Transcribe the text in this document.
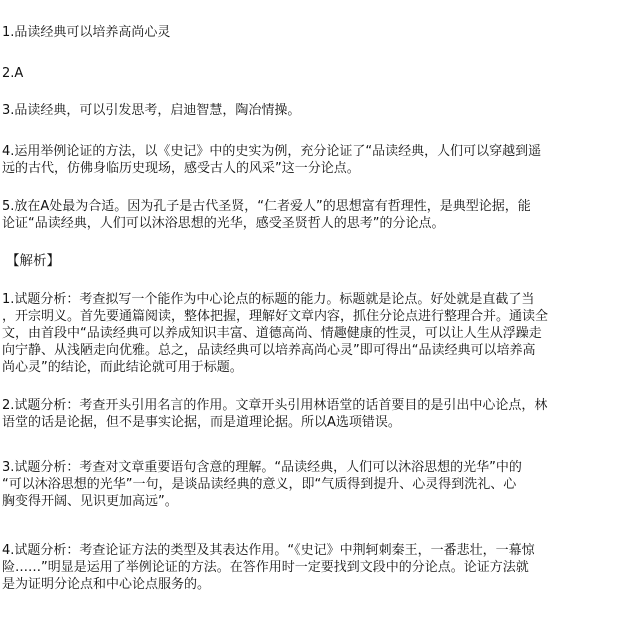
1.品读经典可以培养高尚心灵
2.A
3.品读经典，可以引发思考，启迪智慧，陶冶情操。
4.运用举例论证的方法，以《史记》中的史实为例，充分论证了“品读经典，人们可以穿越到遥
远的古代，仿佛身临历史现场，感受古人的风采”这一分论点。
5.放在A处最为合适。因为孔子是古代圣贤，“仁者爱人”的思想富有哲理性，是典型论据，能
论证“品读经典，人们可以沐浴思想的光华，感受圣贤哲人的思考”的分论点。
【解析】
1.试题分析：考查拟写一个能作为中心论点的标题的能力。标题就是论点。好处就是直截了当
，开宗明义。首先要通篇阅读，整体把握，理解好文章内容，抓住分论点进行整理合并。通读全
文，由首段中“品读经典可以养成知识丰富、道德高尚、情趣健康的性灵，可以让人生从浮躁走
向宁静、从浅陋走向优雅。总之，品读经典可以培养高尚心灵”即可得出“品读经典可以培养高
尚心灵”的结论，而此结论就可用于标题。
2.试题分析：考查开头引用名言的作用。文章开头引用林语堂的话首要目的是引出中心论点，林
语堂的话是论据，但不是事实论据，而是道理论据。所以A选项错误。
3.试题分析：考查对文章重要语句含意的理解。“品读经典，人们可以沐浴思想的光华”中的
“可以沐浴思想的光华”一句，是谈品读经典的意义，即“气质得到提升、心灵得到洗礼、心
胸变得开阔、见识更加高远”。
4.试题分析：考查论证方法的类型及其表达作用。“《史记》中荆轲刺秦王，一番悲壮，一幕惊
险……”明显是运用了举例论证的方法。在答作用时一定要找到文段中的分论点。论证方法就
是为证明分论点和中心论点服务的。
